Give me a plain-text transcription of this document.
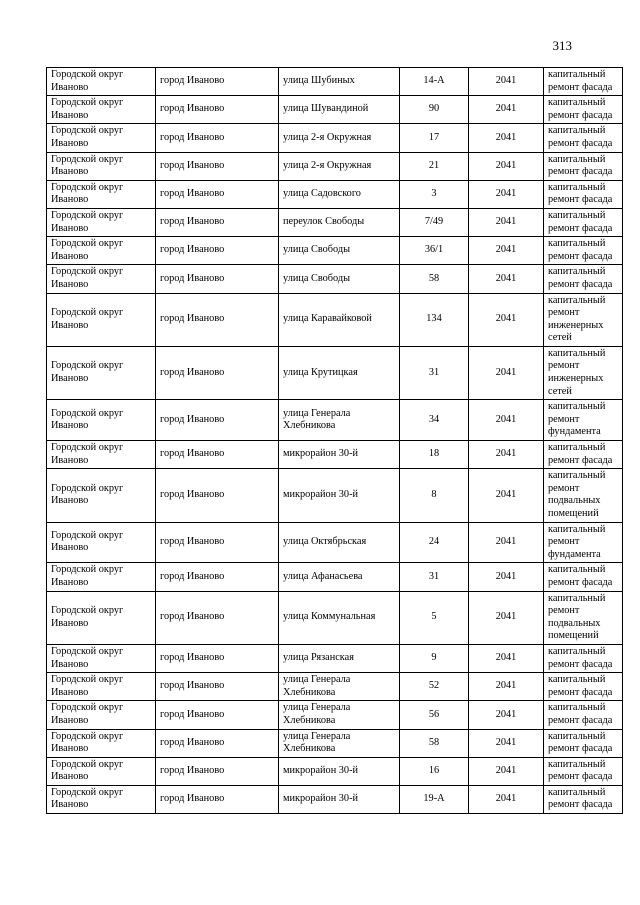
313
Городской округ Иваново	город Иваново	улица Шубиных	14-А	2041	капитальный ремонт фасада
Городской округ Иваново	город Иваново	улица Шувандиной	90	2041	капитальный ремонт фасада
Городской округ Иваново	город Иваново	улица 2-я Окружная	17	2041	капитальный ремонт фасада
Городской округ Иваново	город Иваново	улица 2-я Окружная	21	2041	капитальный ремонт фасада
Городской округ Иваново	город Иваново	улица Садовского	3	2041	капитальный ремонт фасада
Городской округ Иваново	город Иваново	переулок Свободы	7/49	2041	капитальный ремонт фасада
Городской округ Иваново	город Иваново	улица Свободы	36/1	2041	капитальный ремонт фасада
Городской округ Иваново	город Иваново	улица Свободы	58	2041	капитальный ремонт фасада
Городской округ Иваново	город Иваново	улица Каравайковой	134	2041	капитальный ремонт инженерных сетей
Городской округ Иваново	город Иваново	улица Крутицкая	31	2041	капитальный ремонт инженерных сетей
Городской округ Иваново	город Иваново	улица Генерала Хлебникова	34	2041	капитальный ремонт фундамента
Городской округ Иваново	город Иваново	микрорайон 30-й	18	2041	капитальный ремонт фасада
Городской округ Иваново	город Иваново	микрорайон 30-й	8	2041	капитальный ремонт подвальных помещений
Городской округ Иваново	город Иваново	улица Октябрьская	24	2041	капитальный ремонт фундамента
Городской округ Иваново	город Иваново	улица Афанасьева	31	2041	капитальный ремонт фасада
Городской округ Иваново	город Иваново	улица Коммунальная	5	2041	капитальный ремонт подвальных помещений
Городской округ Иваново	город Иваново	улица Рязанская	9	2041	капитальный ремонт фасада
Городской округ Иваново	город Иваново	улица Генерала Хлебникова	52	2041	капитальный ремонт фасада
Городской округ Иваново	город Иваново	улица Генерала Хлебникова	56	2041	капитальный ремонт фасада
Городской округ Иваново	город Иваново	улица Генерала Хлебникова	58	2041	капитальный ремонт фасада
Городской округ Иваново	город Иваново	микрорайон 30-й	16	2041	капитальный ремонт фасада
Городской округ Иваново	город Иваново	микрорайон 30-й	19-А	2041	капитальный ремонт фасада
